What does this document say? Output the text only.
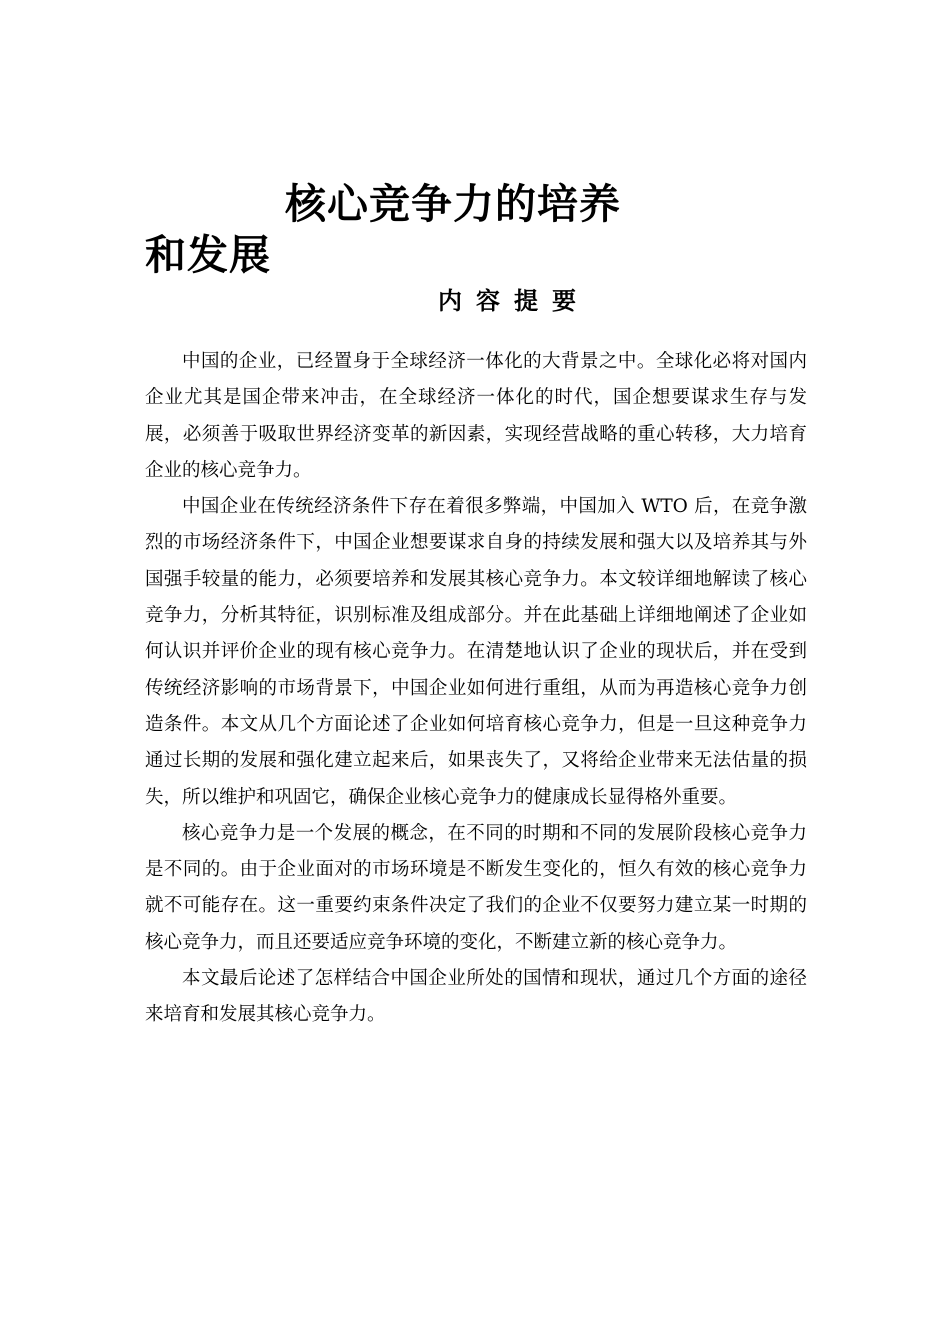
核心竞争力的培养
和发展
内容提要

中国的企业，已经置身于全球经济一体化的大背景之中。全球化必将对国内企业尤其是国企带来冲击，在全球经济一体化的时代，国企想要谋求生存与发展，必须善于吸取世界经济变革的新因素，实现经营战略的重心转移，大力培育企业的核心竞争力。

中国企业在传统经济条件下存在着很多弊端，中国加入 WTO 后，在竞争激烈的市场经济条件下，中国企业想要谋求自身的持续发展和强大以及培养其与外国强手较量的能力，必须要培养和发展其核心竞争力。本文较详细地解读了核心竞争力，分析其特征，识别标准及组成部分。并在此基础上详细地阐述了企业如何认识并评价企业的现有核心竞争力。在清楚地认识了企业的现状后，并在受到传统经济影响的市场背景下，中国企业如何进行重组，从而为再造核心竞争力创造条件。本文从几个方面论述了企业如何培育核心竞争力，但是一旦这种竞争力通过长期的发展和强化建立起来后，如果丧失了，又将给企业带来无法估量的损失，所以维护和巩固它，确保企业核心竞争力的健康成长显得格外重要。

核心竞争力是一个发展的概念，在不同的时期和不同的发展阶段核心竞争力是不同的。由于企业面对的市场环境是不断发生变化的，恒久有效的核心竞争力就不可能存在。这一重要约束条件决定了我们的企业不仅要努力建立某一时期的核心竞争力，而且还要适应竞争环境的变化，不断建立新的核心竞争力。

本文最后论述了怎样结合中国企业所处的国情和现状，通过几个方面的途径来培育和发展其核心竞争力。
